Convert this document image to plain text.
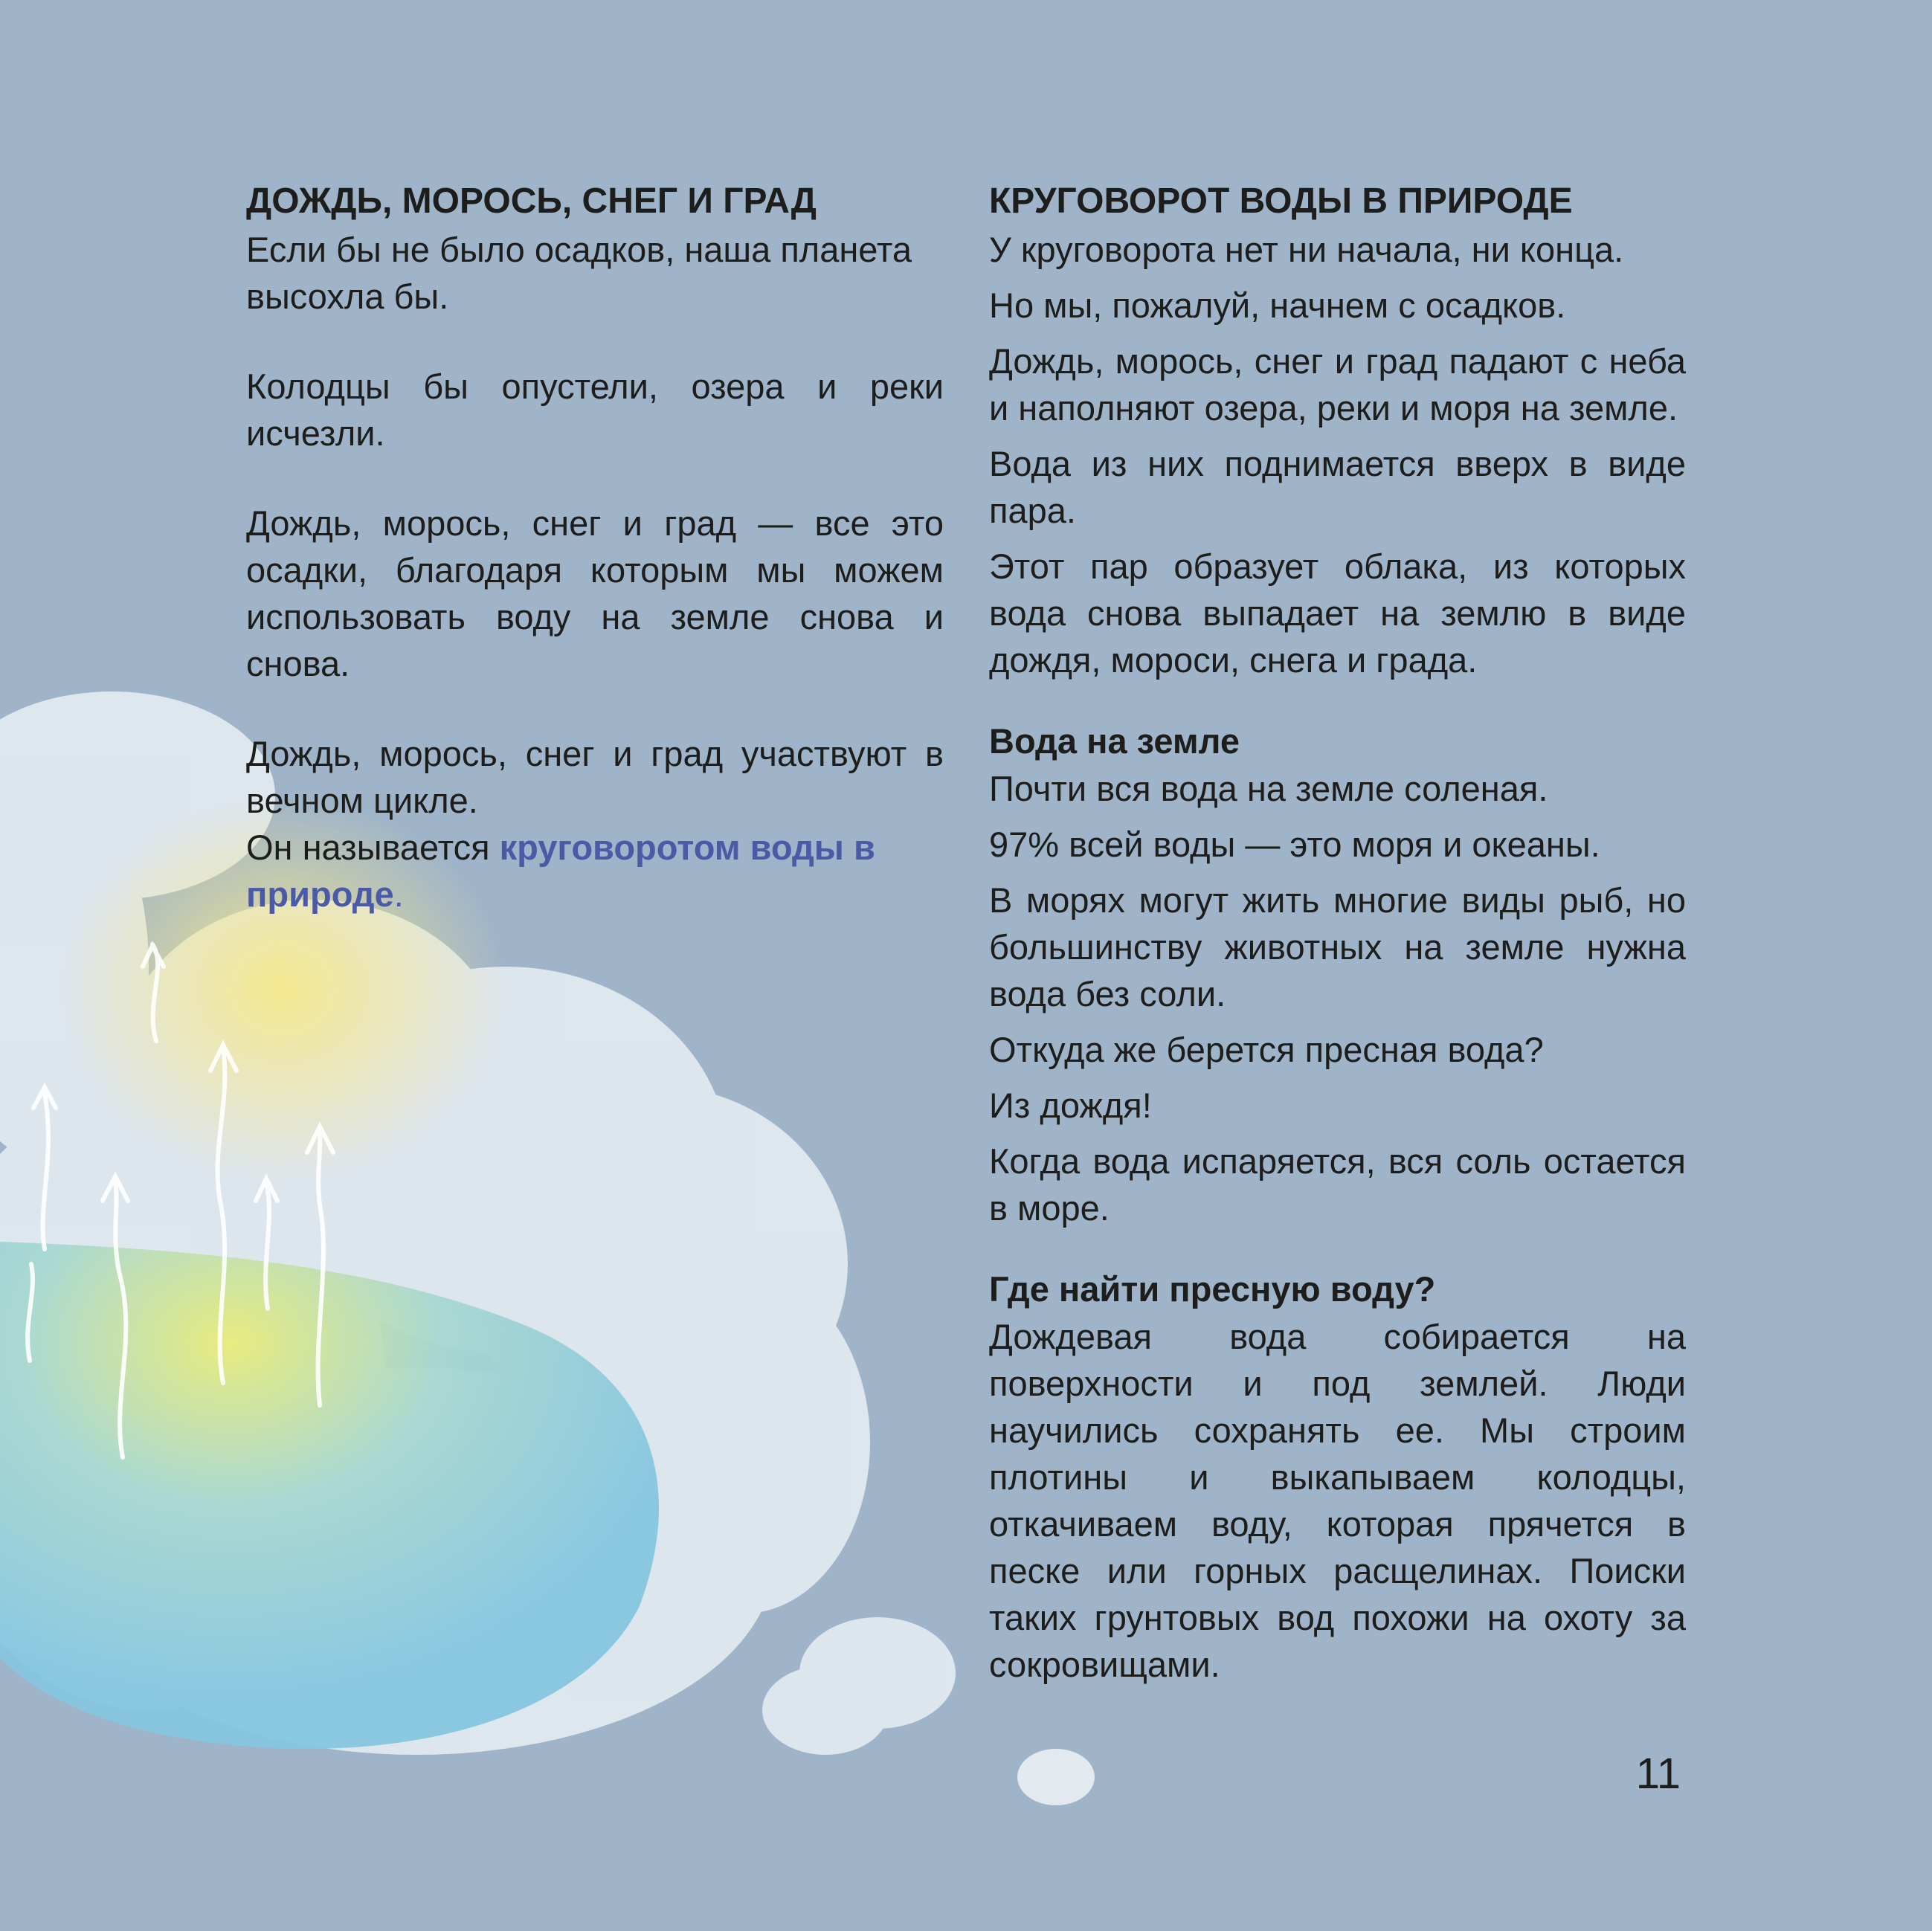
ДОЖДЬ, МОРОСЬ, СНЕГ И ГРАД

Если бы не было осадков, наша планета высохла бы.

Колодцы бы опустели, озера и реки исчезли.

Дождь, морось, снег и град — все это осадки, благодаря которым мы можем использовать воду на земле снова и снова.

Дождь, морось, снег и град участвуют в вечном цикле.

Он называется круговоротом воды в природе.

КРУГОВОРОТ ВОДЫ В ПРИРОДЕ

У круговорота нет ни начала, ни конца.

Но мы, пожалуй, начнем с осадков.

Дождь, морось, снег и град падают с неба и наполняют озера, реки и моря на земле.

Вода из них поднимается вверх в виде пара.

Этот пар образует облака, из которых вода снова выпадает на землю в виде дождя, мороси, снега и града.

Вода на земле

Почти вся вода на земле соленая.

97% всей воды — это моря и океаны.

В морях могут жить многие виды рыб, но большинству животных на земле нужна вода без соли.

Откуда же берется пресная вода?

Из дождя!

Когда вода испаряется, вся соль остается в море.

Где найти пресную воду?

Дождевая вода собирается на поверхности и под землей. Люди научились сохранять ее. Мы строим плотины и выкапываем колодцы, откачиваем воду, которая прячется в песке или горных расщелинах. Поиски таких грунтовых вод похожи на охоту за сокровищами.

11
